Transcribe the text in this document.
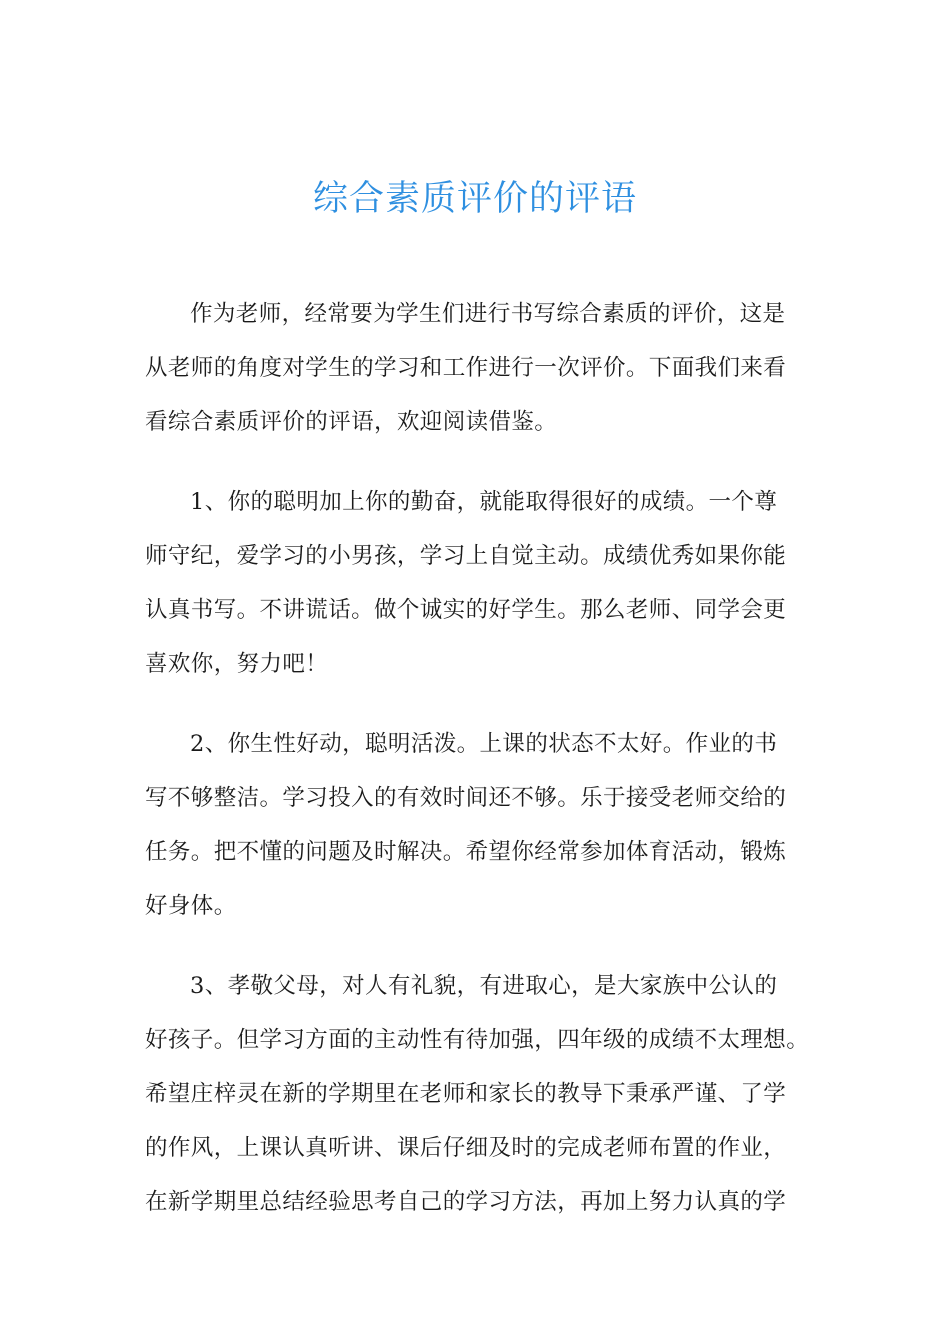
综合素质评价的评语

作为老师，经常要为学生们进行书写综合素质的评价，这是
从老师的角度对学生的学习和工作进行一次评价。下面我们来看
看综合素质评价的评语，欢迎阅读借鉴。

1、你的聪明加上你的勤奋，就能取得很好的成绩。一个尊
师守纪，爱学习的小男孩，学习上自觉主动。成绩优秀如果你能
认真书写。不讲谎话。做个诚实的好学生。那么老师、同学会更
喜欢你，努力吧！

2、你生性好动，聪明活泼。上课的状态不太好。作业的书
写不够整洁。学习投入的有效时间还不够。乐于接受老师交给的
任务。把不懂的问题及时解决。希望你经常参加体育活动，锻炼
好身体。

3、孝敬父母，对人有礼貌，有进取心，是大家族中公认的
好孩子。但学习方面的主动性有待加强，四年级的成绩不太理想。
希望庄梓灵在新的学期里在老师和家长的教导下秉承严谨、了学
的作风，上课认真听讲、课后仔细及时的完成老师布置的作业，
在新学期里总结经验思考自己的学习方法，再加上努力认真的学
